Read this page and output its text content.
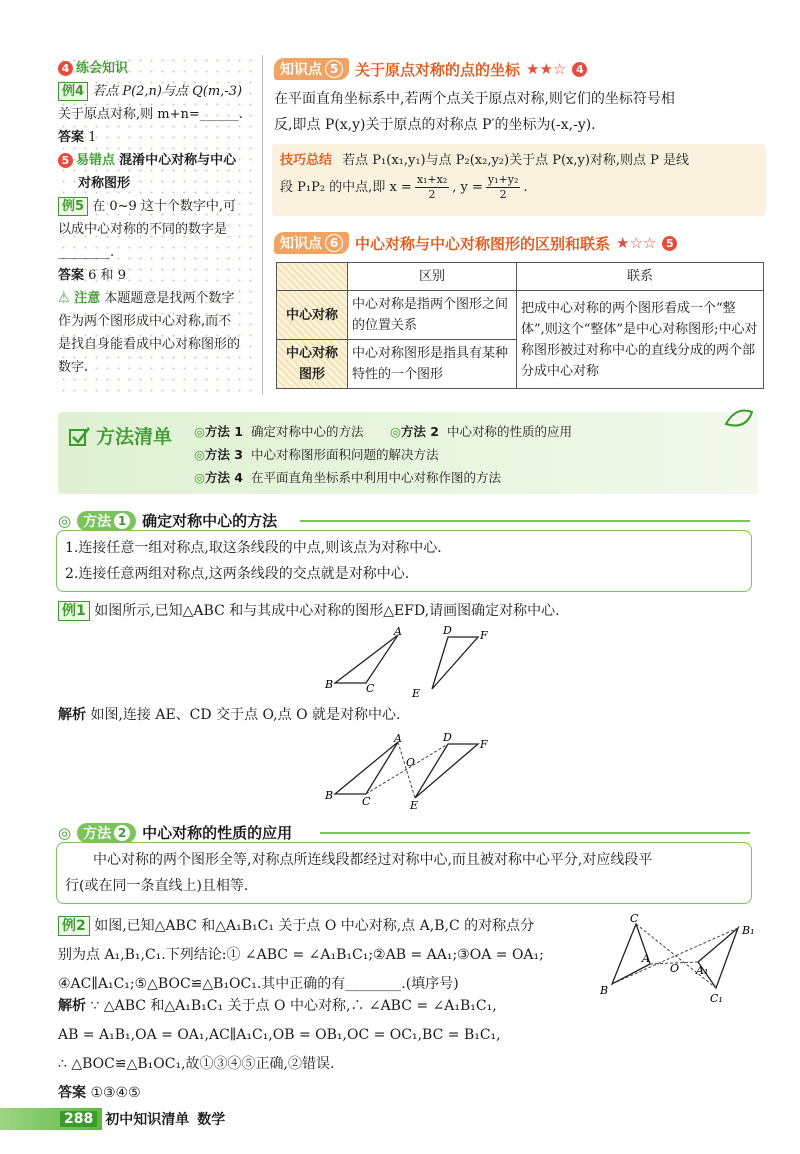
4 练会知识
例4 若点 P(2,n)与点 Q(m,-3)
关于原点对称,则 m+n=______.
答案 1
5 易错点 混淆中心对称与中心
对称图形
例5 在 0~9 这十个数字中,可
以成中心对称的不同的数字是
________.
答案 6 和 9
⚠ 注意 本题题意是找两个数字
作为两个图形成中心对称,而不
是找自身能看成中心对称图形的
数字.
知识点 5	关于原点对称的点的坐标 ★★☆ 4
在平面直角坐标系中,若两个点关于原点对称,则它们的坐标符号相
反,即点 P(x,y)关于原点的对称点 P′的坐标为(-x,-y).
技巧总结 若点 P₁(x₁,y₁)与点 P₂(x₂,y₂)关于点 P(x,y)对称,则点 P 是线
段 P₁P₂ 的中点,即 $x = \frac{\text{x₁+x₂}}{2}$ , $y = \frac{\text{y₁+y₂}}{2}$ .
知识点 6	中心对称与中心对称图形的区别和联系 ★☆☆ 5
	区别	联系
中心对称	中心对称是指两个图形之间的位置关系	把成中心对称的两个图形看成一个“整体”,则这个“整体”是中心对称图形;中心对称图形被过对称中心的直线分成的两个部分成中心对称
中心对称图形	中心对称图形是指具有某种特性的一个图形	
方法清单 ◎方法 1 确定对称中心的方法 ◎方法 2 中心对称的性质的应用
◎方法 3 中心对称图形面积问题的解决方法
◎方法 4 在平面直角坐标系中利用中心对称作图的方法
◎ 方法 1 确定对称中心的方法
1.连接任意一组对称点,取这条线段的中点,则该点为对称中心.
2.连接任意两组对称点,这两条线段的交点就是对称中心.
例1 如图所示,已知△ABC 和与其成中心对称的图形△EFD,请画图确定对称中心.
A
B	C
D	F
E
解析 如图,连接 AE、CD 交于点 O,点 O 就是对称中心.
A
B	C
D
F
E
O
◎ 方法 2 中心对称的性质的应用
中心对称的两个图形全等,对称点所连线段都经过对称中心,而且被对称中心平分,对应线段平
行(或在同一条直线上)且相等.
例2 如图,已知△ABC 和△A₁B₁C₁ 关于点 O 中心对称,点 A,B,C 的对称点分
别为点 A₁,B₁,C₁.下列结论:① ∠ABC = ∠A₁B₁C₁;②AB = AA₁;③OA = OA₁;
④AC∥A₁C₁;⑤△BOC≌△B₁OC₁.其中正确的有________.(填序号)
解析 ∵ △ABC 和△A₁B₁C₁ 关于点 O 中心对称,∴ ∠ABC = ∠A₁B₁C₁,
AB = A₁B₁,OA = OA₁,AC∥A₁C₁,OB = OB₁,OC = OC₁,BC = B₁C₁,
∴ △BOC≌△B₁OC₁,故①③④⑤正确,②错误.
答案 ①③④⑤
C
B
A
O A₁
B₁
C₁
288 初中知识清单 数学
